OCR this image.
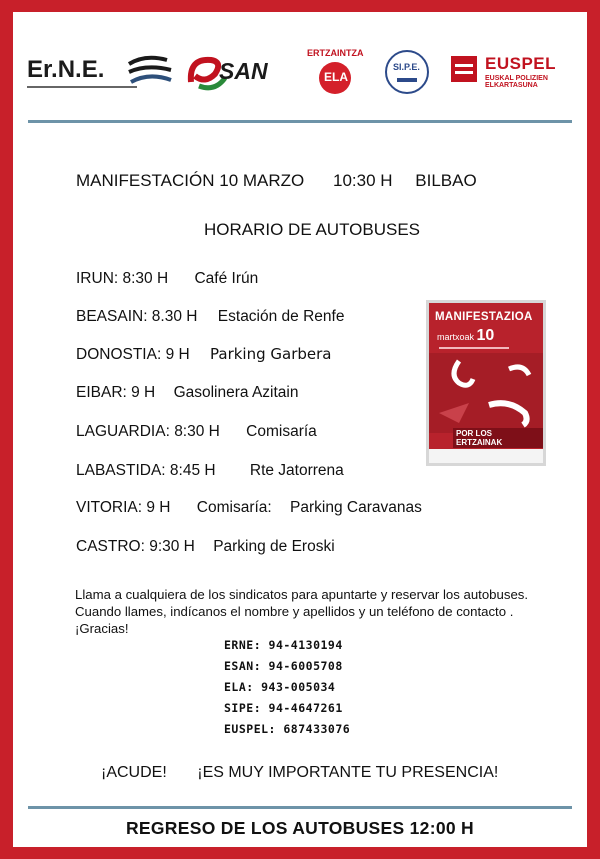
Er.N.E.	SAN
ERTZAINTZA
ELA
SI.P.E.	EUSPEL
EUSKAL POLIZIEN ELKARTASUNA
MANIFESTACIÓN 10 MARZO 10:30 H BILBAO
HORARIO DE AUTOBUSES
IRUN: 8:30 H Café Irún
BEASAIN: 8.30 H Estación de Renfe
DONOSTIA: 9 H Parking Garbera
EIBAR: 9 H Gasolinera Azitain
LAGUARDIA: 8:30 H Comisaría
LABASTIDA: 8:45 H Rte Jatorrena
VITORIA: 9 H Comisaría: Parking Caravanas
CASTRO: 9:30 H Parking de Eroski
MANIFESTAZIOA
martxoak 10
POR LOS ERTZAINAK
Llama a cualquiera de los sindicatos para apuntarte y reservar los autobuses. Cuando llames, indícanos el nombre y apellidos y un teléfono de contacto . ¡Gracias!
ERNE: 94-4130194
ESAN: 94-6005708
ELA: 943-005034
SIPE: 94-4647261
EUSPEL: 687433076
¡ACUDE! ¡ES MUY IMPORTANTE TU PRESENCIA!
REGRESO DE LOS AUTOBUSES 12:00 H
